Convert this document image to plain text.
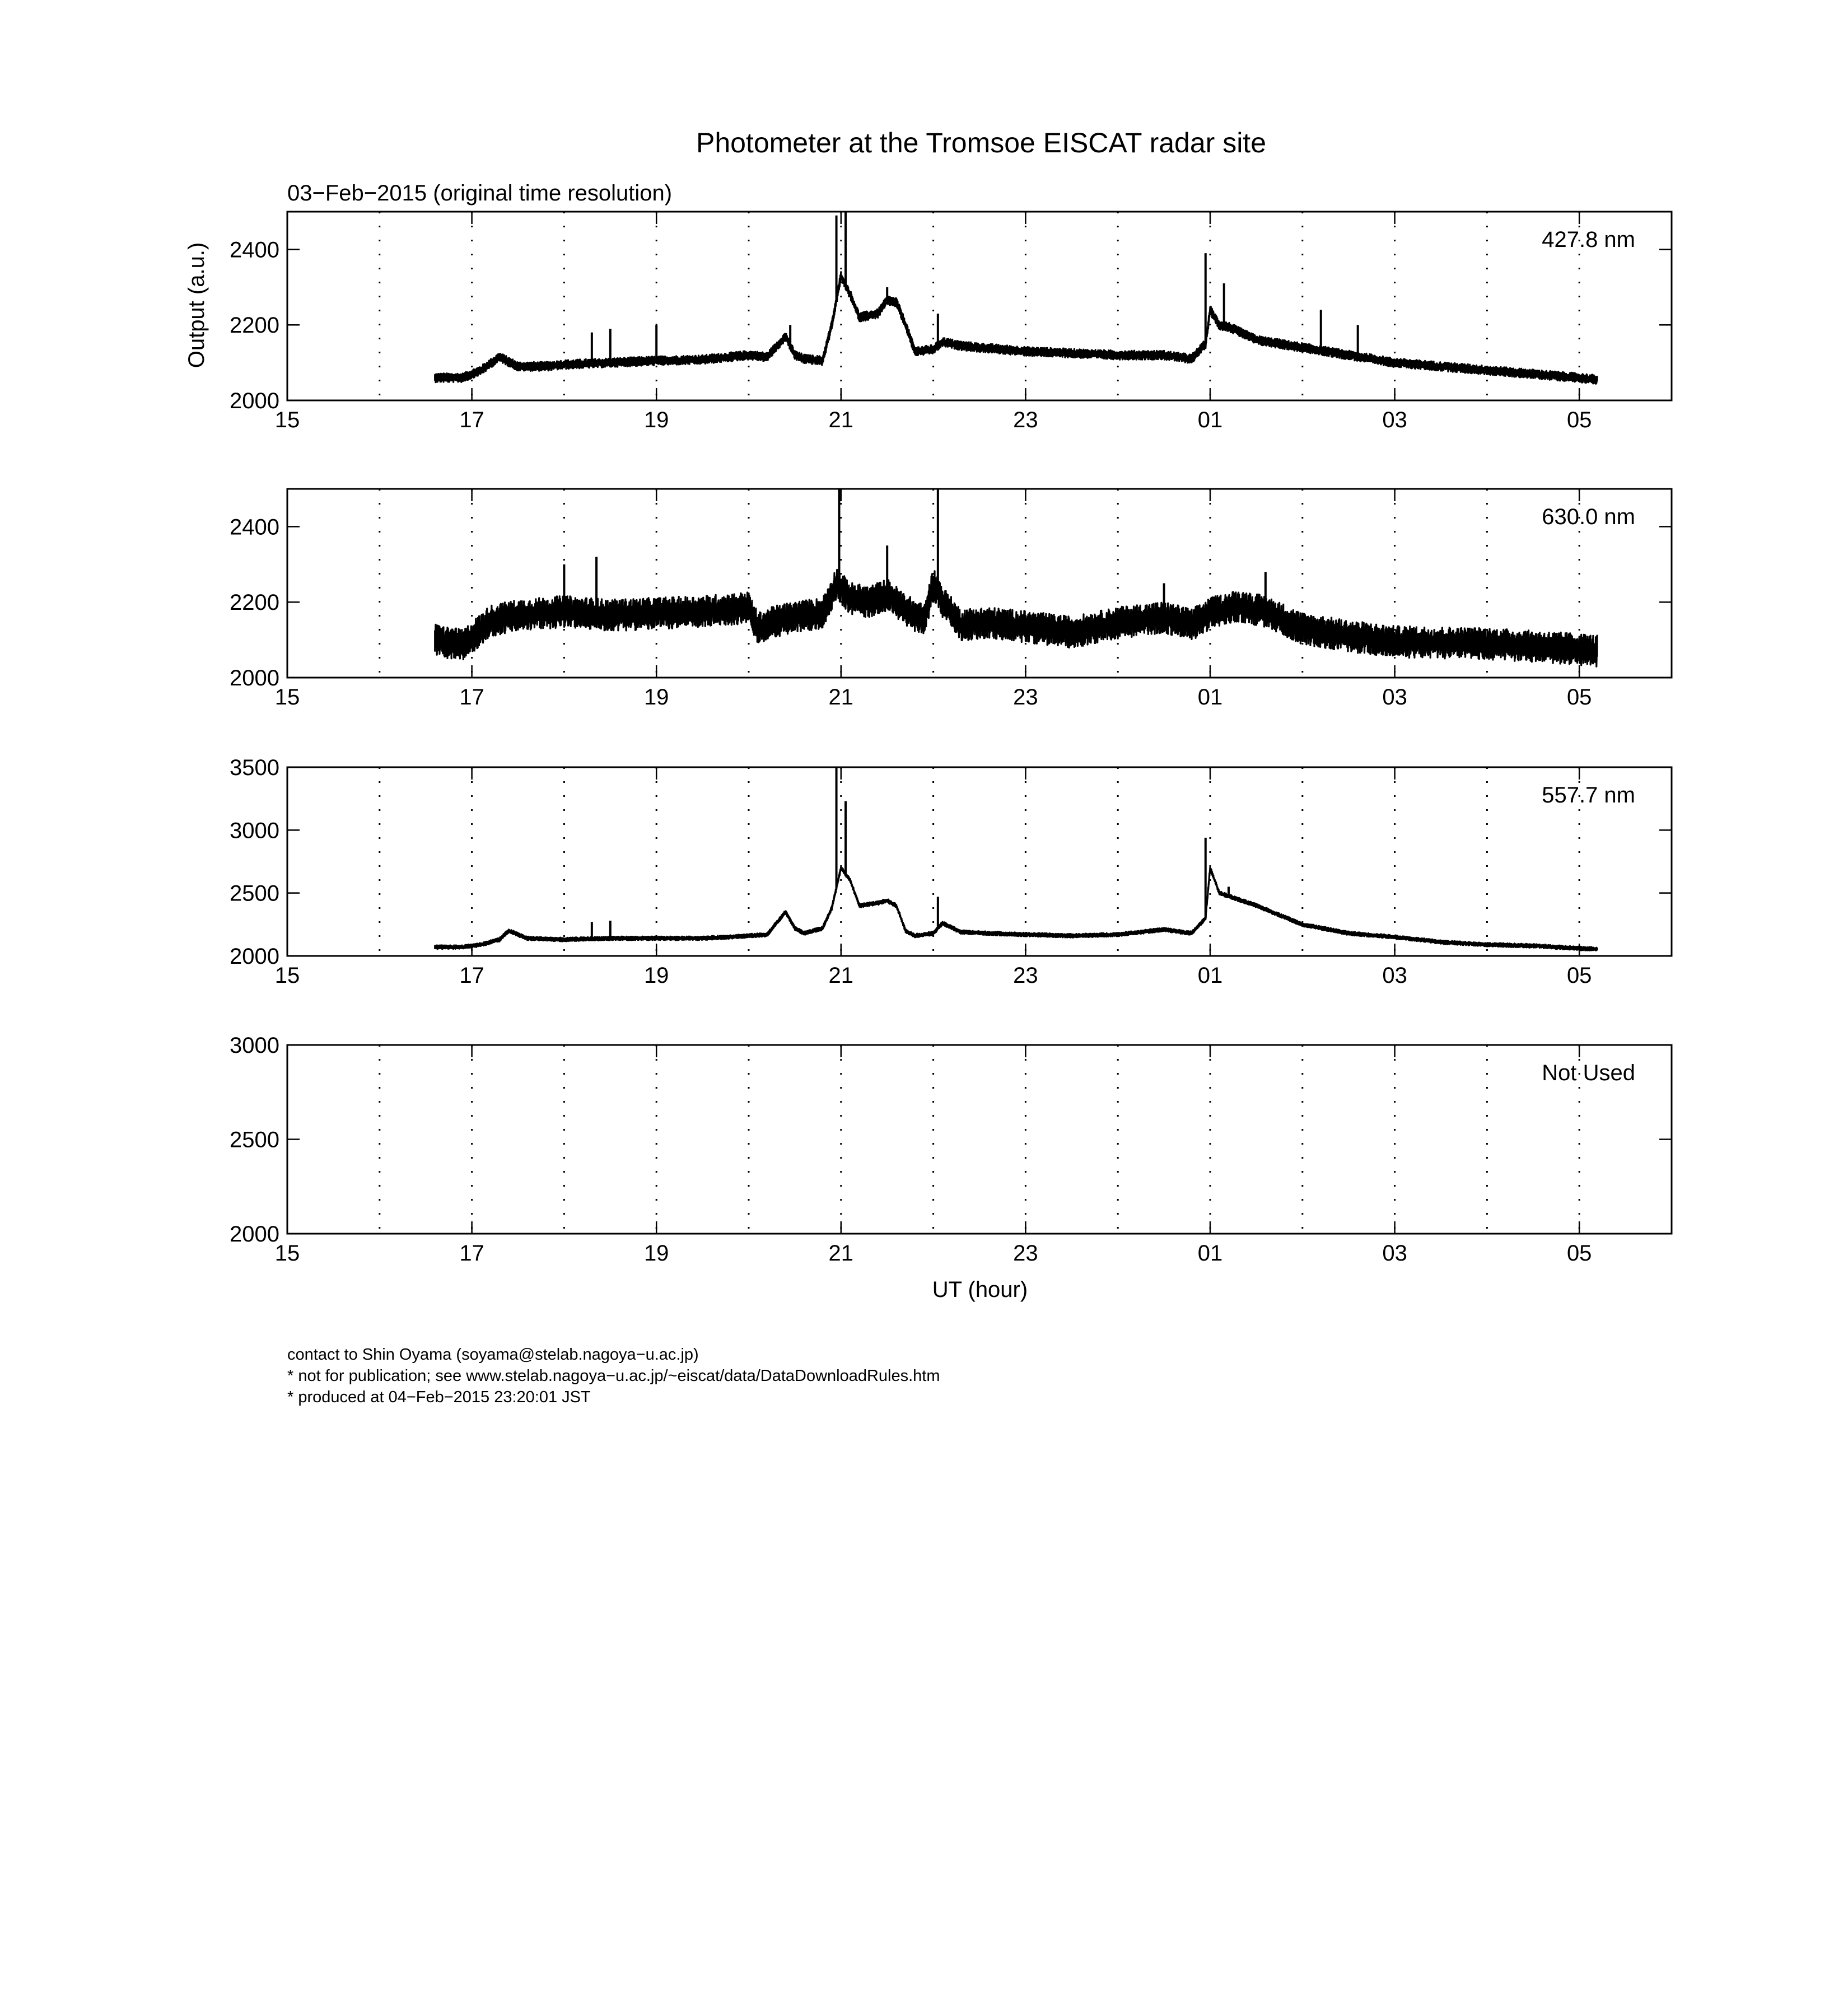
Photometer at the Tromsoe EISCAT radar site
03−Feb−2015 (original time resolution)
Output (a.u.)
UT (hour)
15	17	19	21	23	01	03	05
2000
2200
2400	427.8 nm
15	17	19	21	23	01	03	05
2000
2200
2400	630.0 nm
15	17	19	21	23	01	03	05
2000
2500
3000
3500
557.7 nm
15	17	19	21	23	01	03	05
2000
2500
3000
Not Used
contact to Shin Oyama (soyama@stelab.nagoya−u.ac.jp)
* not for publication; see www.stelab.nagoya−u.ac.jp/~eiscat/data/DataDownloadRules.htm
* produced at 04−Feb−2015 23:20:01 JST
